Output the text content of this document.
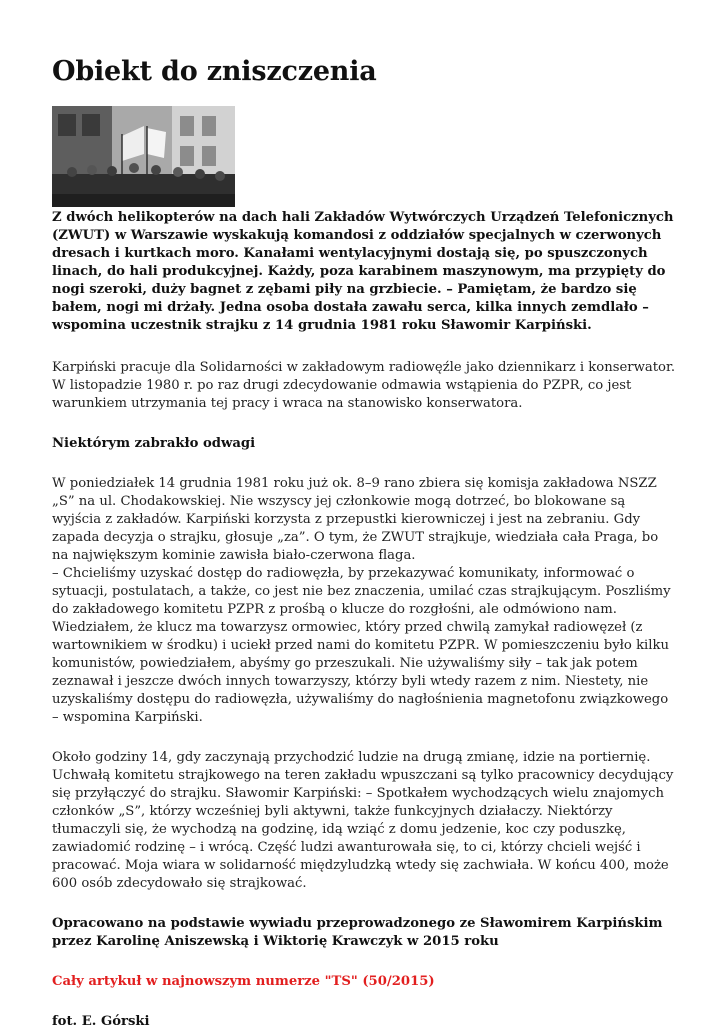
Obiekt do zniszczenia

Z dwóch helikopterów na dach hali Zakładów Wytwórczych Urządzeń Telefonicznych (ZWUT) w Warszawie wyskakują komandosi z oddziałów specjalnych w czerwonych dresach i kurtkach moro. Kanałami wentylacyjnymi dostają się, po spuszczonych linach, do hali produkcyjnej. Każdy, poza karabinem maszynowym, ma przypięty do nogi szeroki, duży bagnet z zębami piły na grzbiecie. – Pamiętam, że bardzo się bałem, nogi mi drżały. Jedna osoba dostała zawału serca, kilka innych zemdlało – wspomina uczestnik strajku z 14 grudnia 1981 roku Sławomir Karpiński.

Karpiński pracuje dla Solidarności w zakładowym radiowęźle jako dziennikarz i konserwator. W listopadzie 1980 r. po raz drugi zdecydowanie odmawia wstąpienia do PZPR, co jest warunkiem utrzymania tej pracy i wraca na stanowisko konserwatora.

Niektórym zabrakło odwagi

W poniedziałek 14 grudnia 1981 roku już ok. 8–9 rano zbiera się komisja zakładowa NSZZ „S” na ul. Chodakowskiej. Nie wszyscy jej członkowie mogą dotrzeć, bo blokowane są wyjścia z zakładów. Karpiński korzysta z przepustki kierowniczej i jest na zebraniu. Gdy zapada decyzja o strajku, głosuje „za”. O tym, że ZWUT strajkuje, wiedziała cała Praga, bo na największym kominie zawisła biało-czerwona flaga.

– Chcieliśmy uzyskać dostęp do radiowęzła, by przekazywać komunikaty, informować o sytuacji, postulatach, a także, co jest nie bez znaczenia, umilać czas strajkującym. Poszliśmy do zakładowego komitetu PZPR z prośbą o klucze do rozgłośni, ale odmówiono nam. Wiedziałem, że klucz ma towarzysz ormowiec, który przed chwilą zamykał radiowęzeł (z wartownikiem w środku) i uciekł przed nami do komitetu PZPR. W pomieszczeniu było kilku komunistów, powiedziałem, abyśmy go przeszukali. Nie używaliśmy siły – tak jak potem zeznawał i jeszcze dwóch innych towarzyszy, którzy byli wtedy razem z nim. Niestety, nie uzyskaliśmy dostępu do radiowęzła, używaliśmy do nagłośnienia magnetofonu związkowego – wspomina Karpiński.

Około godziny 14, gdy zaczynają przychodzić ludzie na drugą zmianę, idzie na portiernię. Uchwałą komitetu strajkowego na teren zakładu wpuszczani są tylko pracownicy decydujący się przyłączyć do strajku. Sławomir Karpiński: – Spotkałem wychodzących wielu znajomych członków „S”, którzy wcześniej byli aktywni, także funkcyjnych działaczy. Niektórzy tłumaczyli się, że wychodzą na godzinę, idą wziąć z domu jedzenie, koc czy poduszkę, zawiadomić rodzinę – i wrócą. Część ludzi awanturowała się, to ci, którzy chcieli wejść i pracować. Moja wiara w solidarność międzyludzką wtedy się zachwiała. W końcu 400, może 600 osób zdecydowało się strajkować.

Opracowano na podstawie wywiadu przeprowadzonego ze Sławomirem Karpińskim przez Karolinę Aniszewską i Wiktorię Krawczyk w 2015 roku

Cały artykuł w najnowszym numerze "TS" (50/2015)

fot. E. Górski
